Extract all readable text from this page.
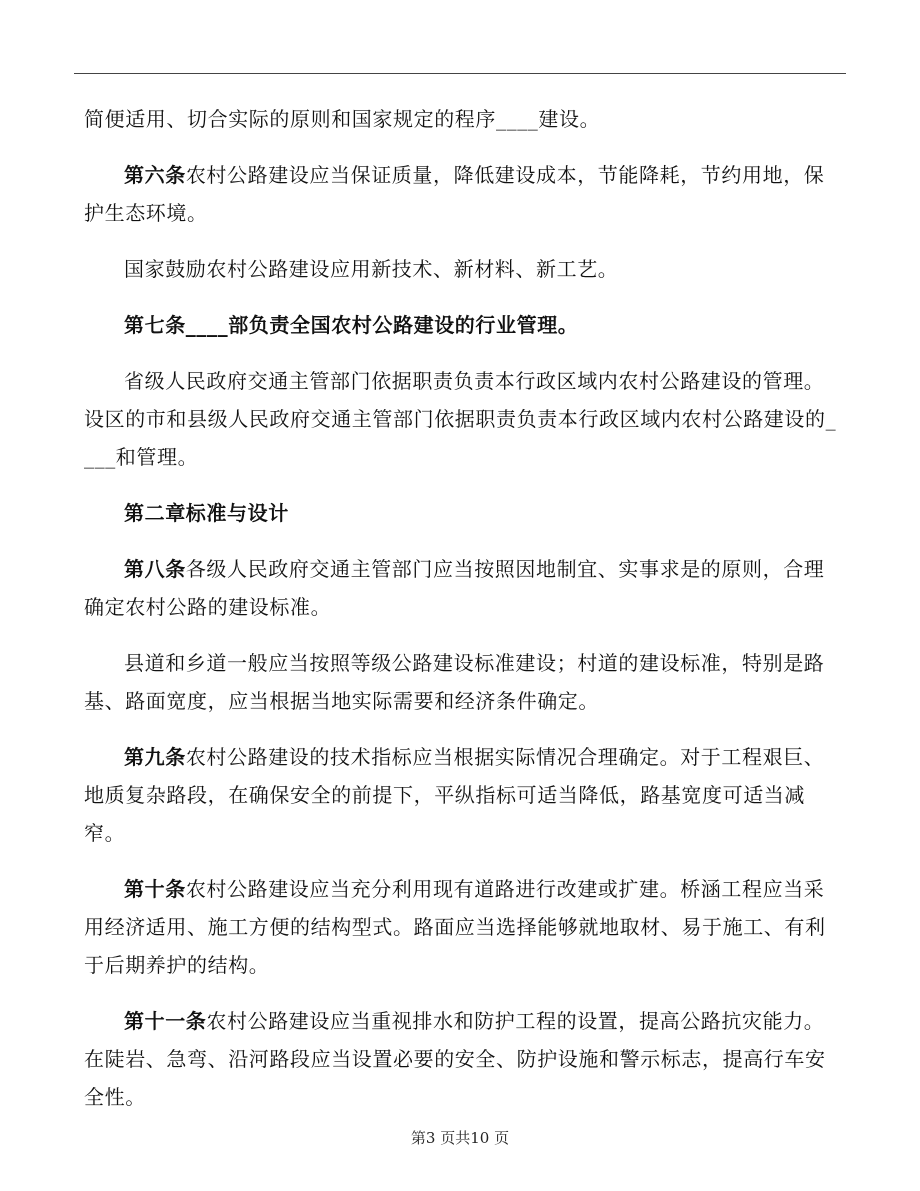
简便适用、切合实际的原则和国家规定的程序____建设。

第六条农村公路建设应当保证质量，降低建设成本，节能降耗，节约用地，保护生态环境。

国家鼓励农村公路建设应用新技术、新材料、新工艺。

第七条____部负责全国农村公路建设的行业管理。

省级人民政府交通主管部门依据职责负责本行政区域内农村公路建设的管理。设区的市和县级人民政府交通主管部门依据职责负责本行政区域内农村公路建设的____和管理。

第二章标准与设计

第八条各级人民政府交通主管部门应当按照因地制宜、实事求是的原则，合理确定农村公路的建设标准。

县道和乡道一般应当按照等级公路建设标准建设；村道的建设标准，特别是路基、路面宽度，应当根据当地实际需要和经济条件确定。

第九条农村公路建设的技术指标应当根据实际情况合理确定。对于工程艰巨、地质复杂路段，在确保安全的前提下，平纵指标可适当降低，路基宽度可适当减窄。

第十条农村公路建设应当充分利用现有道路进行改建或扩建。桥涵工程应当采用经济适用、施工方便的结构型式。路面应当选择能够就地取材、易于施工、有利于后期养护的结构。

第十一条农村公路建设应当重视排水和防护工程的设置，提高公路抗灾能力。在陡岩、急弯、沿河路段应当设置必要的安全、防护设施和警示标志，提高行车安全性。

第3 页共10 页
